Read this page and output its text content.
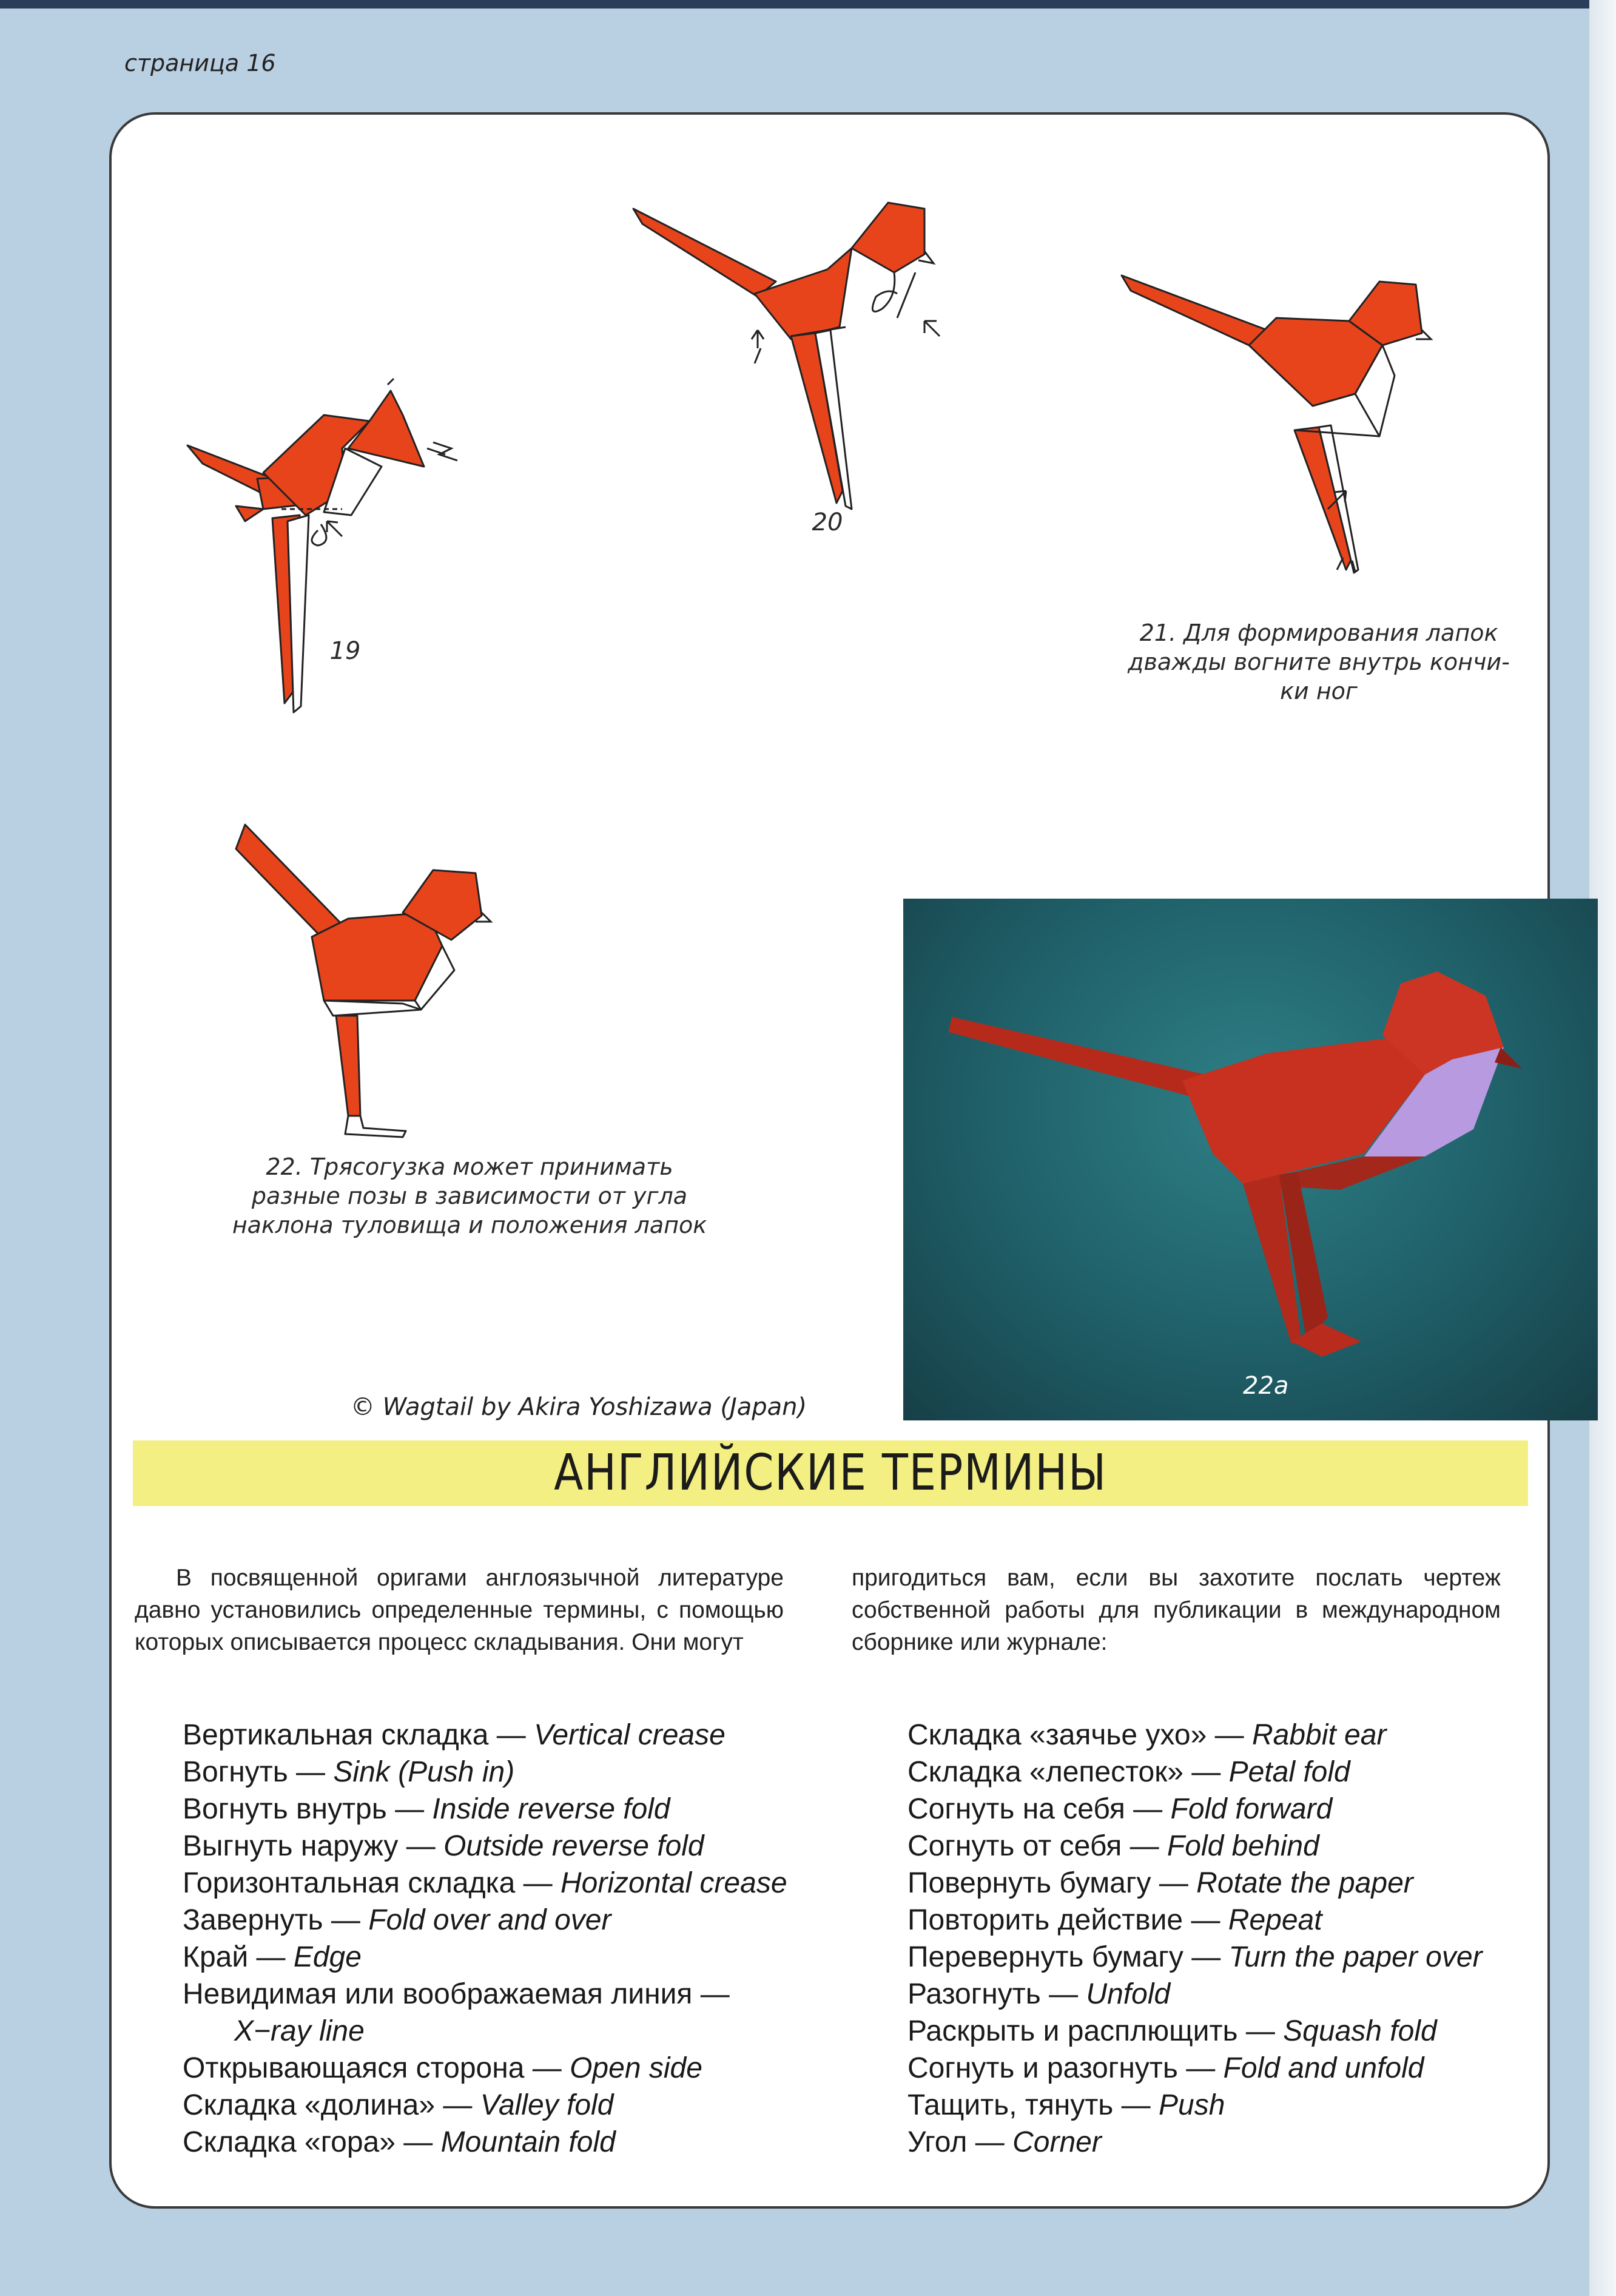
страница 16
19
20
21. Для формирования лапок
дважды вогните внутрь кончи-
ки ног
22. Трясогузка может принимать
разные позы в зависимости от угла
наклона туловища и положения лапок
© Wagtail by Akira Yoshizawa (Japan)
22a
АНГЛИЙСКИЕ ТЕРМИНЫ
В посвященной оригами англоязычной литературе давно установились определенные термины, с помощью которых описывается процесс складывания. Они могут
пригодиться вам, если вы захотите послать чертеж собственной работы для публикации в международном сборнике или журнале:
Вертикальная складка — Vertical crease
Вогнуть — Sink (Push in)
Вогнуть внутрь — Inside reverse fold
Выгнуть наружу — Outside reverse fold
Горизонтальная складка — Horizontal crease
Завернуть — Fold over and over
Край — Edge
Невидимая или воображаемая линия —
X−ray line
Открывающаяся сторона — Open side
Складка «долина» — Valley fold
Складка «гора» — Mountain fold
Складка «заячье ухо» — Rabbit ear
Складка «лепесток» — Petal fold
Согнуть на себя — Fold forward
Согнуть от себя — Fold behind
Повернуть бумагу — Rotate the paper
Повторить действие — Repeat
Перевернуть бумагу — Turn the paper over
Разогнуть — Unfold
Раскрыть и расплющить — Squash fold
Согнуть и разогнуть — Fold and unfold
Тащить, тянуть — Push
Угол — Corner
